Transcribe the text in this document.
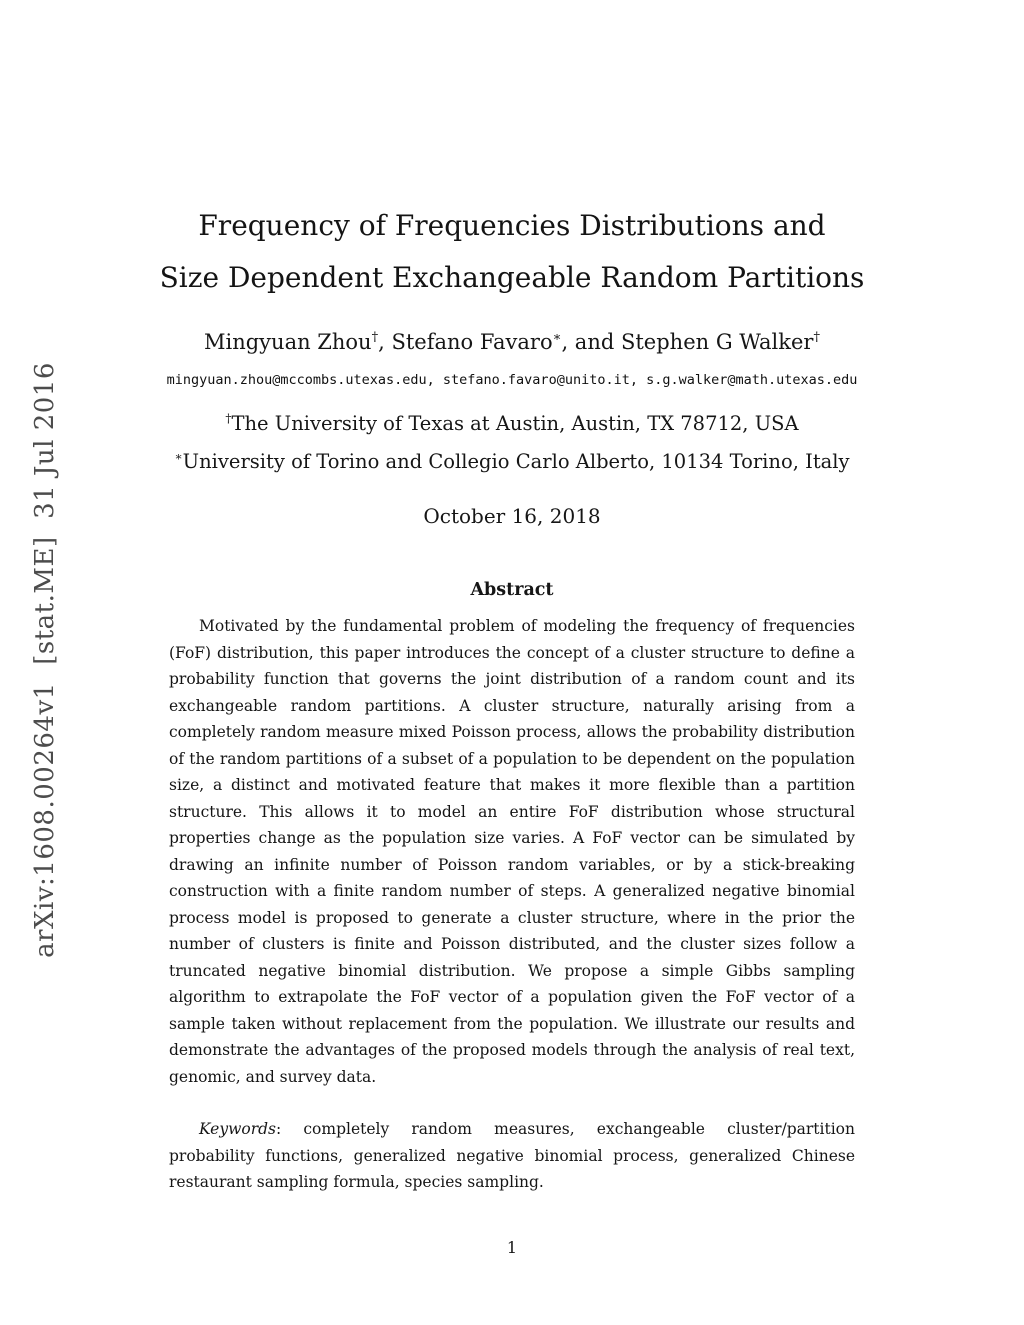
arXiv:1608.00264v1  [stat.ME]  31 Jul 2016
Frequency of Frequencies Distributions and
Size Dependent Exchangeable Random Partitions
Mingyuan Zhou†, Stefano Favaro∗, and Stephen G Walker†
mingyuan.zhou@mccombs.utexas.edu, stefano.favaro@unito.it, s.g.walker@math.utexas.edu
†The University of Texas at Austin, Austin, TX 78712, USA
∗University of Torino and Collegio Carlo Alberto, 10134 Torino, Italy
October 16, 2018
Abstract

Motivated by the fundamental problem of modeling the frequency of frequencies (FoF) distribution, this paper introduces the concept of a cluster structure to define a probability function that governs the joint distribution of a random count and its exchangeable random partitions. A cluster structure, naturally arising from a completely random measure mixed Poisson process, allows the probability distribution of the random partitions of a subset of a population to be dependent on the population size, a distinct and motivated feature that makes it more flexible than a partition structure. This allows it to model an entire FoF distribution whose structural properties change as the population size varies. A FoF vector can be simulated by drawing an infinite number of Poisson random variables, or by a stick-breaking construction with a finite random number of steps. A generalized negative binomial process model is proposed to generate a cluster structure, where in the prior the number of clusters is finite and Poisson distributed, and the cluster sizes follow a truncated negative binomial distribution. We propose a simple Gibbs sampling algorithm to extrapolate the FoF vector of a population given the FoF vector of a sample taken without replacement from the population. We illustrate our results and demonstrate the advantages of the proposed models through the analysis of real text, genomic, and survey data.

Keywords: completely random measures, exchangeable cluster/partition probability functions, generalized negative binomial process, generalized Chinese restaurant sampling formula, species sampling.

1
